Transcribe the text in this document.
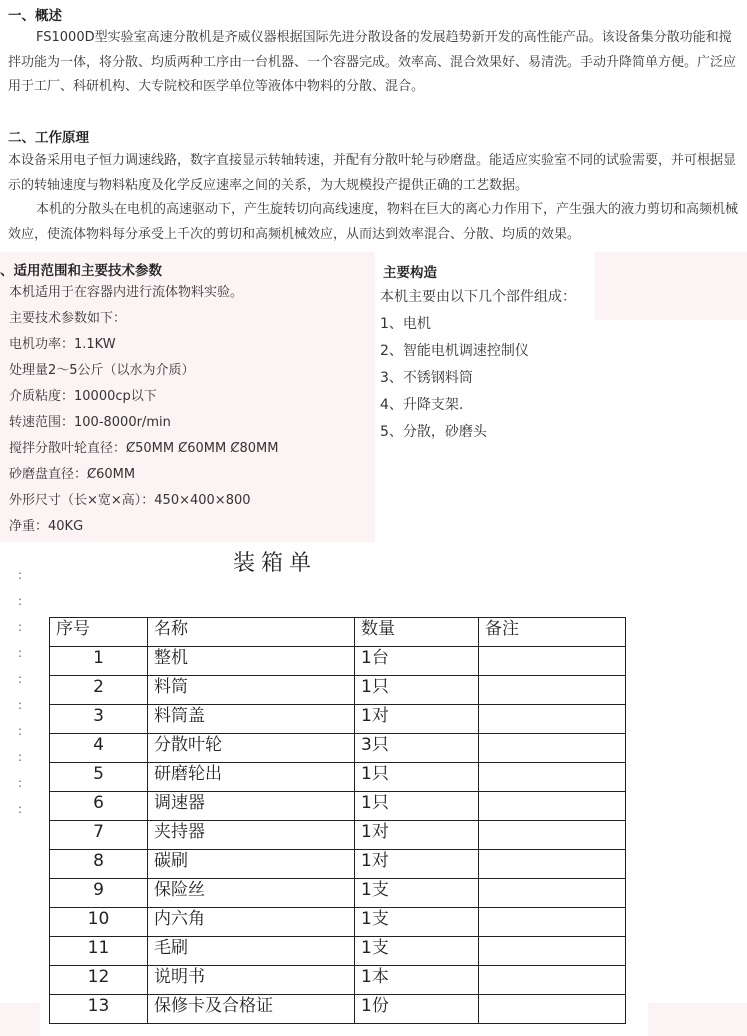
一、概述
FS1000D型实验室高速分散机是齐威仪器根据国际先进分散设备的发展趋势新开发的高性能产品。该设备集分散功能和搅拌功能为一体，将分散、均质两种工序由一台机器、一个容器完成。效率高、混合效果好、易清洗。手动升降简单方便。广泛应用于工厂、科研机构、大专院校和医学单位等液体中物料的分散、混合。
二、工作原理
本设备采用电子恒力调速线路，数字直接显示转轴转速，并配有分散叶轮与砂磨盘。能适应实验室不同的试验需要，并可根据显示的转轴速度与物料粘度及化学反应速率之间的关系，为大规模投产提供正确的工艺数据。
本机的分散头在电机的高速驱动下，产生旋转切向高线速度，物料在巨大的离心力作用下，产生强大的液力剪切和高频机械效应，使流体物料每分承受上千次的剪切和高频机械效应，从而达到效率混合、分散、均质的效果。
、适用范围和主要技术参数
本机适用于在容器内进行流体物料实验。
主要技术参数如下：
电机功率：1.1KW
处理量2～5公斤（以水为介质）
介质粘度：10000cp以下
转速范围：100-8000r/min
搅拌分散叶轮直径：Ȼ50MM Ȼ60MM Ȼ80MM
砂磨盘直径：Ȼ60MM
外形尺寸（长×宽×高）：450×400×800
净重：40KG
主要构造
本机主要由以下几个部件组成：
1、电机
2、智能电机调速控制仪
3、不锈钢料筒
4、升降支架.
5、分散，砂磨头
:
:
:
:
:
:
:
:
:
:
装箱单
序号	名称	数量	备注
1	整机	1台	
2	料筒	1只	
3	料筒盖	1对	
4	分散叶轮	3只	
5	研磨轮出	1只	
6	调速器	1只	
7	夹持器	1对	
8	碳刷	1对	
9	保险丝	1支	
10	内六角	1支	
11	毛刷	1支	
12	说明书	1本	
13	保修卡及合格证	1份	
